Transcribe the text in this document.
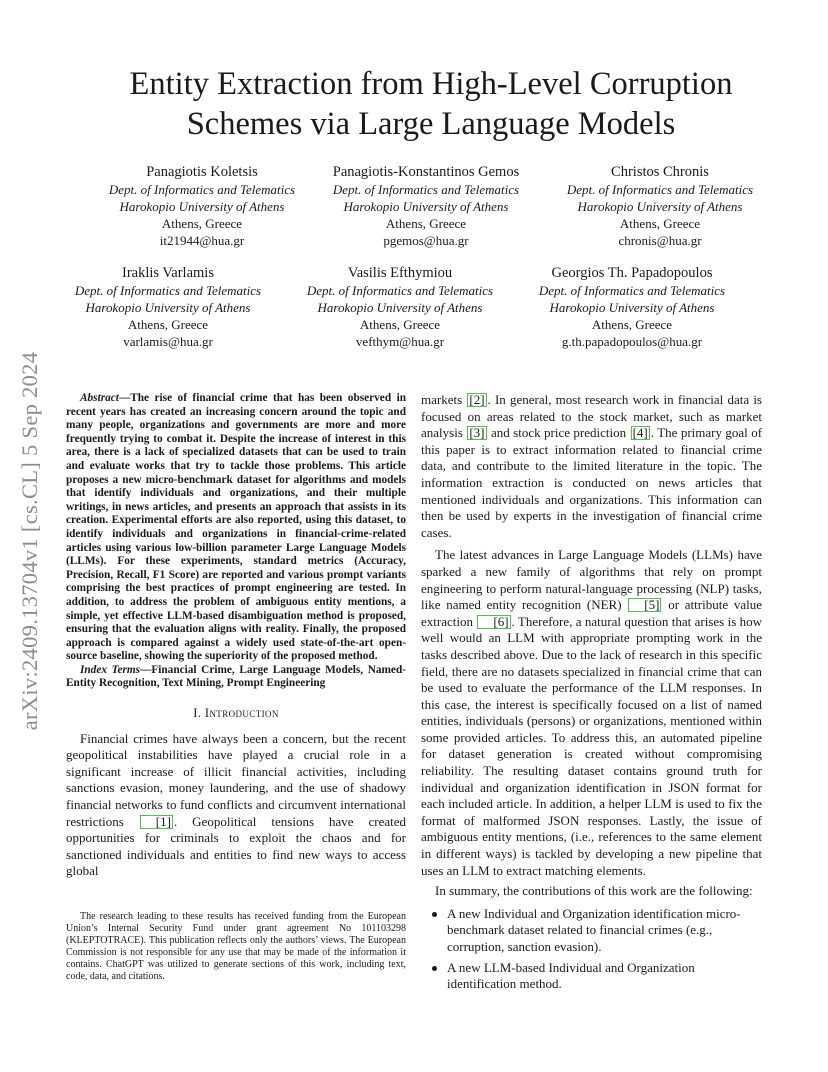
arXiv:2409.13704v1 [cs.CL] 5 Sep 2024
Entity Extraction from High-Level Corruption
Schemes via Large Language Models
Panagiotis Koletsis
Dept. of Informatics and Telematics
Harokopio University of Athens
Athens, Greece
it21944@hua.gr
Panagiotis-Konstantinos Gemos
Dept. of Informatics and Telematics
Harokopio University of Athens
Athens, Greece
pgemos@hua.gr
Christos Chronis
Dept. of Informatics and Telematics
Harokopio University of Athens
Athens, Greece
chronis@hua.gr
Iraklis Varlamis
Dept. of Informatics and Telematics
Harokopio University of Athens
Athens, Greece
varlamis@hua.gr
Vasilis Efthymiou
Dept. of Informatics and Telematics
Harokopio University of Athens
Athens, Greece
vefthym@hua.gr
Georgios Th. Papadopoulos
Dept. of Informatics and Telematics
Harokopio University of Athens
Athens, Greece
g.th.papadopoulos@hua.gr

Abstract—The rise of financial crime that has been observed in recent years has created an increasing concern around the topic and many people, organizations and governments are more and more frequently trying to combat it. Despite the increase of interest in this area, there is a lack of specialized datasets that can be used to train and evaluate works that try to tackle those problems. This article proposes a new micro-benchmark dataset for algorithms and models that identify individuals and organizations, and their multiple writings, in news articles, and presents an approach that assists in its creation. Experimental efforts are also reported, using this dataset, to identify individuals and organizations in financial-crime-related articles using various low-billion parameter Large Language Models (LLMs). For these experiments, standard metrics (Accuracy, Precision, Recall, F1 Score) are reported and various prompt variants comprising the best practices of prompt engineering are tested. In addition, to address the problem of ambiguous entity mentions, a simple, yet effective LLM-based disambiguation method is proposed, ensuring that the evaluation aligns with reality. Finally, the proposed approach is compared against a widely used state-of-the-art open-source baseline, showing the superiority of the proposed method.

Index Terms—Financial Crime, Large Language Models, Named-Entity Recognition, Text Mining, Prompt Engineering

I. Introduction

Financial crimes have always been a concern, but the recent geopolitical instabilities have played a crucial role in a significant increase of illicit financial activities, including sanctions evasion, money laundering, and the use of shadowy financial networks to fund conflicts and circumvent international restrictions [1] . Geopolitical tensions have created opportunities for criminals to exploit the chaos and for sanctioned individuals and entities to find new ways to access global

The research leading to these results has received funding from the European Union’s Internal Security Fund under grant agreement No 101103298 (KLEPTOTRACE). This publication reflects only the authors’ views. The European Commission is not responsible for any use that may be made of the information it contains. ChatGPT was utilized to generate sections of this work, including text, code, data, and citations.

markets [2] . In general, most research work in financial data is focused on areas related to the stock market, such as market analysis [3] and stock price prediction [4] . The primary goal of this paper is to extract information related to financial crime data, and contribute to the limited literature in the topic. The information extraction is conducted on news articles that mentioned individuals and organizations. This information can then be used by experts in the investigation of financial crime cases.

The latest advances in Large Language Models (LLMs) have sparked a new family of algorithms that rely on prompt engineering to perform natural-language processing (NLP) tasks, like named entity recognition (NER) [5] or attribute value extraction [6] . Therefore, a natural question that arises is how well would an LLM with appropriate prompting work in the tasks described above. Due to the lack of research in this specific field, there are no datasets specialized in financial crime that can be used to evaluate the performance of the LLM responses. In this case, the interest is specifically focused on a list of named entities, individuals (persons) or organizations, mentioned within some provided articles. To address this, an automated pipeline for dataset generation is created without compromising reliability. The resulting dataset contains ground truth for individual and organization identification in JSON format for each included article. In addition, a helper LLM is used to fix the format of malformed JSON responses. Lastly, the issue of ambiguous entity mentions, (i.e., references to the same element in different ways) is tackled by developing a new pipeline that uses an LLM to extract matching elements.

In summary, the contributions of this work are the following:

A new Individual and Organization identification micro-benchmark dataset related to financial crimes (e.g., corruption, sanction evasion).
A new LLM-based Individual and Organization identification method.
